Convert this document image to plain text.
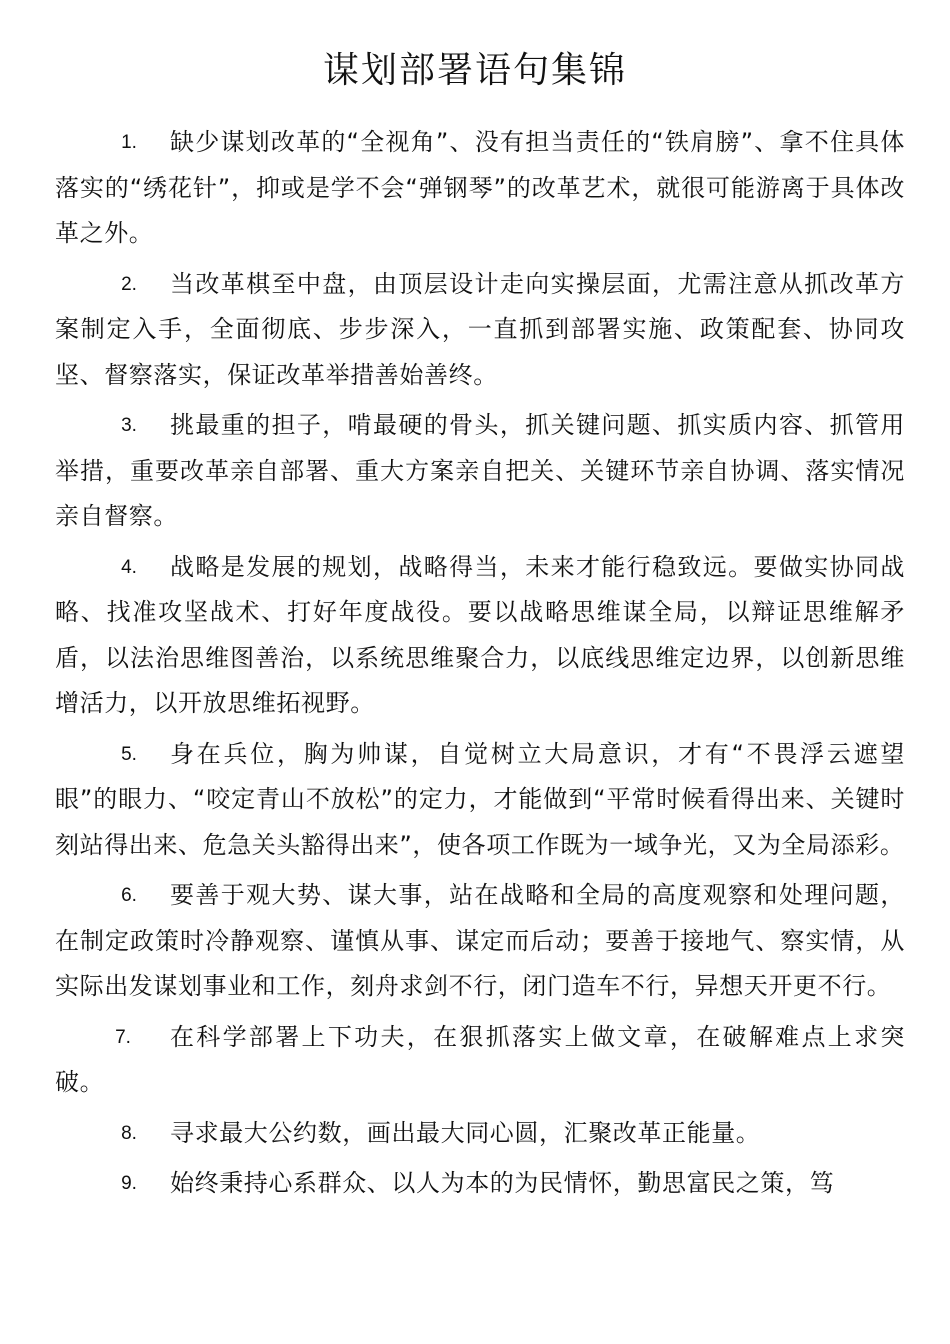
谋划部署语句集锦

1.	缺少谋划改革的“全视角”、没有担当责任的“铁肩膀”、拿不住具体落实的“绣花针”，抑或是学不会“弹钢琴”的改革艺术，就很可能游离于具体改革之外。

2.	当改革棋至中盘，由顶层设计走向实操层面，尤需注意从抓改革方案制定入手，全面彻底、步步深入，一直抓到部署实施、政策配套、协同攻坚、督察落实，保证改革举措善始善终。

3.	挑最重的担子，啃最硬的骨头，抓关键问题、抓实质内容、抓管用举措，重要改革亲自部署、重大方案亲自把关、关键环节亲自协调、落实情况亲自督察。

4.	战略是发展的规划，战略得当，未来才能行稳致远。要做实协同战略、找准攻坚战术、打好年度战役。要以战略思维谋全局，以辩证思维解矛盾，以法治思维图善治，以系统思维聚合力，以底线思维定边界，以创新思维增活力，以开放思维拓视野。

5.	身在兵位，胸为帅谋，自觉树立大局意识，才有“不畏浮云遮望眼”的眼力、“咬定青山不放松”的定力，才能做到“平常时候看得出来、关键时刻站得出来、危急关头豁得出来”，使各项工作既为一域争光，又为全局添彩。

6.	要善于观大势、谋大事，站在战略和全局的高度观察和处理问题，在制定政策时冷静观察、谨慎从事、谋定而后动；要善于接地气、察实情，从实际出发谋划事业和工作，刻舟求剑不行，闭门造车不行，异想天开更不行。

7.	在科学部署上下功夫，在狠抓落实上做文章，在破解难点上求突破。

8.	寻求最大公约数，画出最大同心圆，汇聚改革正能量。

9.	始终秉持心系群众、以人为本的为民情怀，勤思富民之策，笃
